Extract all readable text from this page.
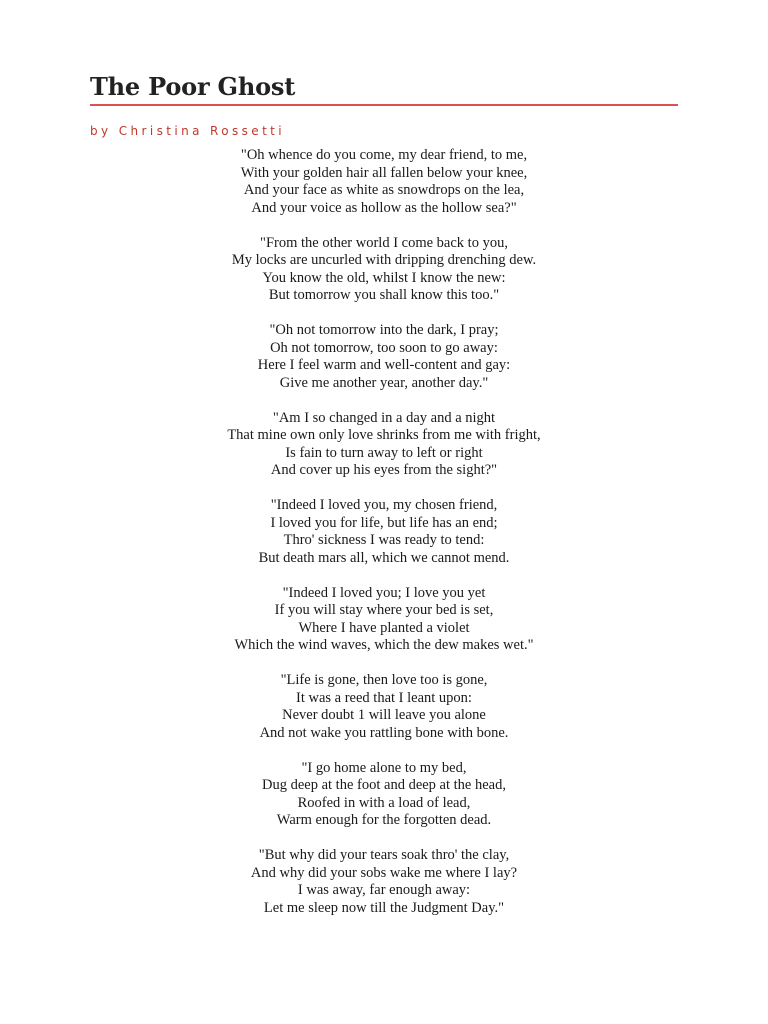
The Poor Ghost
by Christina Rossetti

"Oh whence do you come, my dear friend, to me,
With your golden hair all fallen below your knee,
And your face as white as snowdrops on the lea,
And your voice as hollow as the hollow sea?"

"From the other world I come back to you,
My locks are uncurled with dripping drenching dew.
You know the old, whilst I know the new:
But tomorrow you shall know this too."

"Oh not tomorrow into the dark, I pray;
Oh not tomorrow, too soon to go away:
Here I feel warm and well-content and gay:
Give me another year, another day."

"Am I so changed in a day and a night
That mine own only love shrinks from me with fright,
Is fain to turn away to left or right
And cover up his eyes from the sight?"

"Indeed I loved you, my chosen friend,
I loved you for life, but life has an end;
Thro' sickness I was ready to tend:
But death mars all, which we cannot mend.

"Indeed I loved you; I love you yet
If you will stay where your bed is set,
Where I have planted a violet
Which the wind waves, which the dew makes wet."

"Life is gone, then love too is gone,
It was a reed that I leant upon:
Never doubt 1 will leave you alone
And not wake you rattling bone with bone.

"I go home alone to my bed,
Dug deep at the foot and deep at the head,
Roofed in with a load of lead,
Warm enough for the forgotten dead.

"But why did your tears soak thro' the clay,
And why did your sobs wake me where I lay?
I was away, far enough away:
Let me sleep now till the Judgment Day."
